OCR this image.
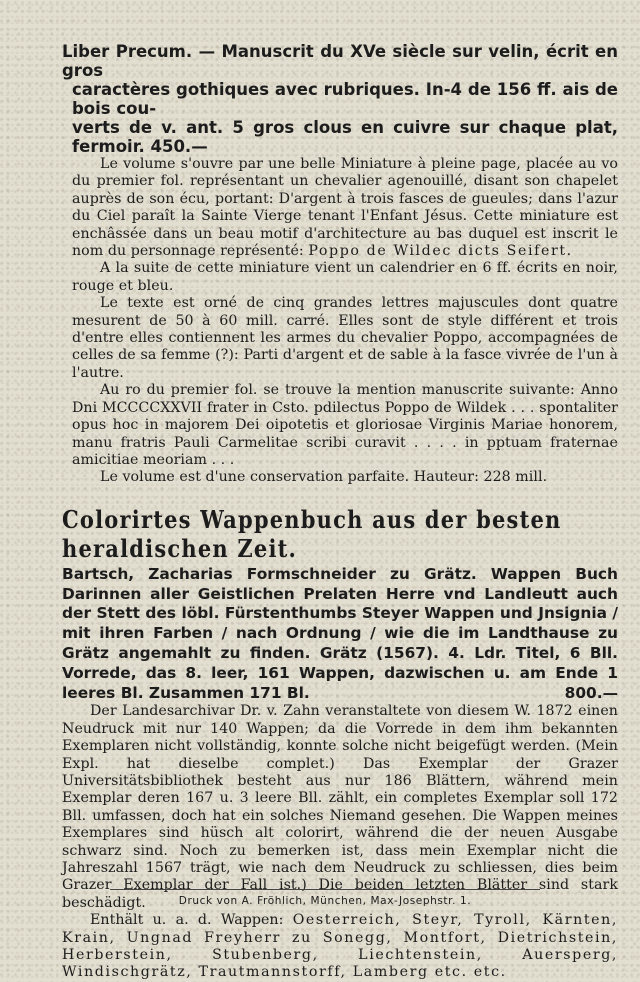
Liber Precum. — Manuscrit du XVe siècle sur velin, écrit en gros
caractères gothiques avec rubriques. In-4 de 156 ff. ais de bois cou-
verts de v. ant. 5 gros clous en cuivre sur chaque plat, fermoir. 450.—

Le volume s'ouvre par une belle Miniature à pleine page, placée au vo du premier fol. représentant un chevalier agenouillé, disant son chapelet auprès de son écu, portant: D'argent à trois fasces de gueules; dans l'azur du Ciel paraît la Sainte Vierge tenant l'Enfant Jésus. Cette miniature est enchâssée dans un beau motif d'architecture au bas duquel est inscrit le nom du personnage représenté: Poppo de Wildec dicts Seifert.

A la suite de cette miniature vient un calendrier en 6 ff. écrits en noir, rouge et bleu.

Le texte est orné de cinq grandes lettres majuscules dont quatre mesurent de 50 à 60 mill. carré. Elles sont de style différent et trois d'entre elles contiennent les armes du chevalier Poppo, accompagnées de celles de sa femme (?): Parti d'argent et de sable à la fasce vivrée de l'un à l'autre.

Au ro du premier fol. se trouve la mention manuscrite suivante: Anno Dni MCCCCXXVII frater in Csto. pdilectus Poppo de Wildek . . . spontaliter opus hoc in majorem Dei oipotetis et gloriosae Virginis Mariae honorem, manu fratris Pauli Carmelitae scribi curavit . . . . in pptuam fraternae amicitiae meoriam . . .

Le volume est d'une conservation parfaite. Hauteur: 228 mill.

Colorirtes Wappenbuch aus der besten heraldischen Zeit.

Bartsch, Zacharias Formschneider zu Grätz. Wappen Buch Darinnen aller Geistlichen Prelaten Herre vnd Landleutt auch der Stett des löbl. Fürstenthumbs Steyer Wappen und Jnsignia / mit ihren Farben / nach Ordnung / wie die im Landthause zu Grätz angemahlt zu finden. Grätz (1567). 4. Ldr. Titel, 6 Bll. Vorrede, das 8. leer, 161 Wappen, dazwischen u. am Ende 1 leeres Bl. Zusammen 171 Bl.	800.—

Der Landesarchivar Dr. v. Zahn veranstaltete von diesem W. 1872 einen Neudruck mit nur 140 Wappen; da die Vorrede in dem ihm bekannten Exemplaren nicht vollständig, konnte solche nicht beigefügt werden. (Mein Expl. hat dieselbe complet.) Das Exemplar der Grazer Universitätsbibliothek besteht aus nur 186 Blättern, während mein Exemplar deren 167 u. 3 leere Bll. zählt, ein completes Exemplar soll 172 Bll. umfassen, doch hat ein solches Niemand gesehen. Die Wappen meines Exemplares sind hüsch alt colorirt, während die der neuen Ausgabe schwarz sind. Noch zu bemerken ist, dass mein Exemplar nicht die Jahreszahl 1567 trägt, wie nach dem Neudruck zu schliessen, dies beim Grazer Exemplar der Fall ist.) Die beiden letzten Blätter sind stark beschädigt.

Enthält u. a. d. Wappen: Oesterreich, Steyr, Tyroll, Kärnten, Krain, Ungnad Freyherr zu Sonegg, Montfort, Dietrichstein, Herberstein, Stubenberg, Liechtenstein, Auersperg, Windischgrätz, Trautmannstorff, Lamberg etc. etc.

Druck von A. Fröhlich, München, Max-Josephstr. 1.
